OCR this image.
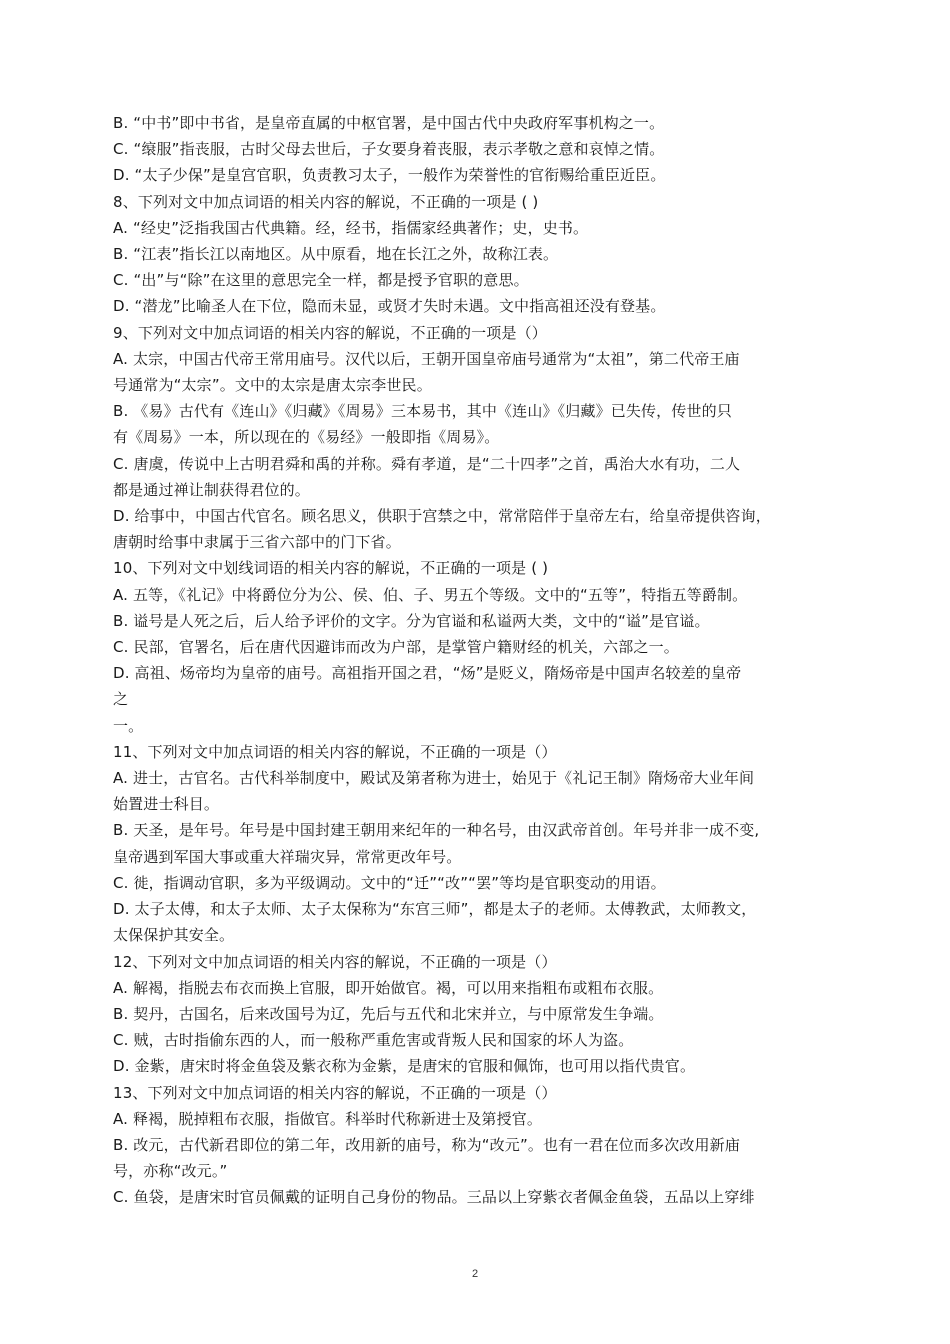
B. “中书”即中书省，是皇帝直属的中枢官署，是中国古代中央政府军事机构之一。
C. “缞服”指丧服，古时父母去世后，子女要身着丧服，表示孝敬之意和哀悼之情。
D. “太子少保”是皇宫官职，负责教习太子，一般作为荣誉性的官衔赐给重臣近臣。
8、下列对文中加点词语的相关内容的解说，不正确的一项是 ( )
A. “经史”泛指我国古代典籍。经，经书，指儒家经典著作；史，史书。
B. “江表”指长江以南地区。从中原看，地在长江之外，故称江表。
C. “出”与“除”在这里的意思完全一样，都是授予官职的意思。
D. “潜龙”比喻圣人在下位，隐而未显，或贤才失时未遇。文中指高祖还没有登基。
9、下列对文中加点词语的相关内容的解说，不正确的一项是（）
A. 太宗，中国古代帝王常用庙号。汉代以后，王朝开国皇帝庙号通常为“太祖”，第二代帝王庙
号通常为“太宗”。文中的太宗是唐太宗李世民。
B. 《易》古代有《连山》《归藏》《周易》三本易书，其中《连山》《归藏》已失传，传世的只
有《周易》一本，所以现在的《易经》一般即指《周易》。
C. 唐虞，传说中上古明君舜和禹的并称。舜有孝道，是“二十四孝”之首，禹治大水有功，二人
都是通过禅让制获得君位的。
D. 给事中，中国古代官名。顾名思义，供职于宫禁之中，常常陪伴于皇帝左右，给皇帝提供咨询，
唐朝时给事中隶属于三省六部中的门下省。
10、下列对文中划线词语的相关内容的解说，不正确的一项是 ( )
A. 五等，《礼记》中将爵位分为公、侯、伯、子、男五个等级。文中的“五等”，特指五等爵制。
B. 谥号是人死之后，后人给予评价的文字。分为官谥和私谥两大类，文中的“谥”是官谥。
C. 民部，官署名，后在唐代因避讳而改为户部，是掌管户籍财经的机关，六部之一。
D. 高祖、炀帝均为皇帝的庙号。高祖指开国之君，“炀”是贬义，隋炀帝是中国声名较差的皇帝
之
一。
11、下列对文中加点词语的相关内容的解说，不正确的一项是（）
A. 进士，古官名。古代科举制度中，殿试及第者称为进士，始见于《礼记王制》隋炀帝大业年间
始置进士科目。
B. 天圣，是年号。年号是中国封建王朝用来纪年的一种名号，由汉武帝首创。年号并非一成不变,
皇帝遇到军国大事或重大祥瑞灾异，常常更改年号。
C. 徙，指调动官职，多为平级调动。文中的“迁”“改”“罢”等均是官职变动的用语。
D. 太子太傅，和太子太师、太子太保称为“东宫三师”，都是太子的老师。太傅教武，太师教文，
太保保护其安全。
12、下列对文中加点词语的相关内容的解说，不正确的一项是（）
A. 解褐，指脱去布衣而换上官服，即开始做官。褐，可以用来指粗布或粗布衣服。
B. 契丹，古国名，后来改国号为辽，先后与五代和北宋并立，与中原常发生争端。
C. 贼，古时指偷东西的人，而一般称严重危害或背叛人民和国家的坏人为盗。
D. 金紫，唐宋时将金鱼袋及紫衣称为金紫，是唐宋的官服和佩饰，也可用以指代贵官。
13、下列对文中加点词语的相关内容的解说，不正确的一项是（）
A. 释褐，脱掉粗布衣服，指做官。科举时代称新进士及第授官。
B. 改元，古代新君即位的第二年，改用新的庙号，称为“改元”。也有一君在位而多次改用新庙
号，亦称“改元。”
C. 鱼袋，是唐宋时官员佩戴的证明自己身份的物品。三品以上穿紫衣者佩金鱼袋，五品以上穿绯
2
